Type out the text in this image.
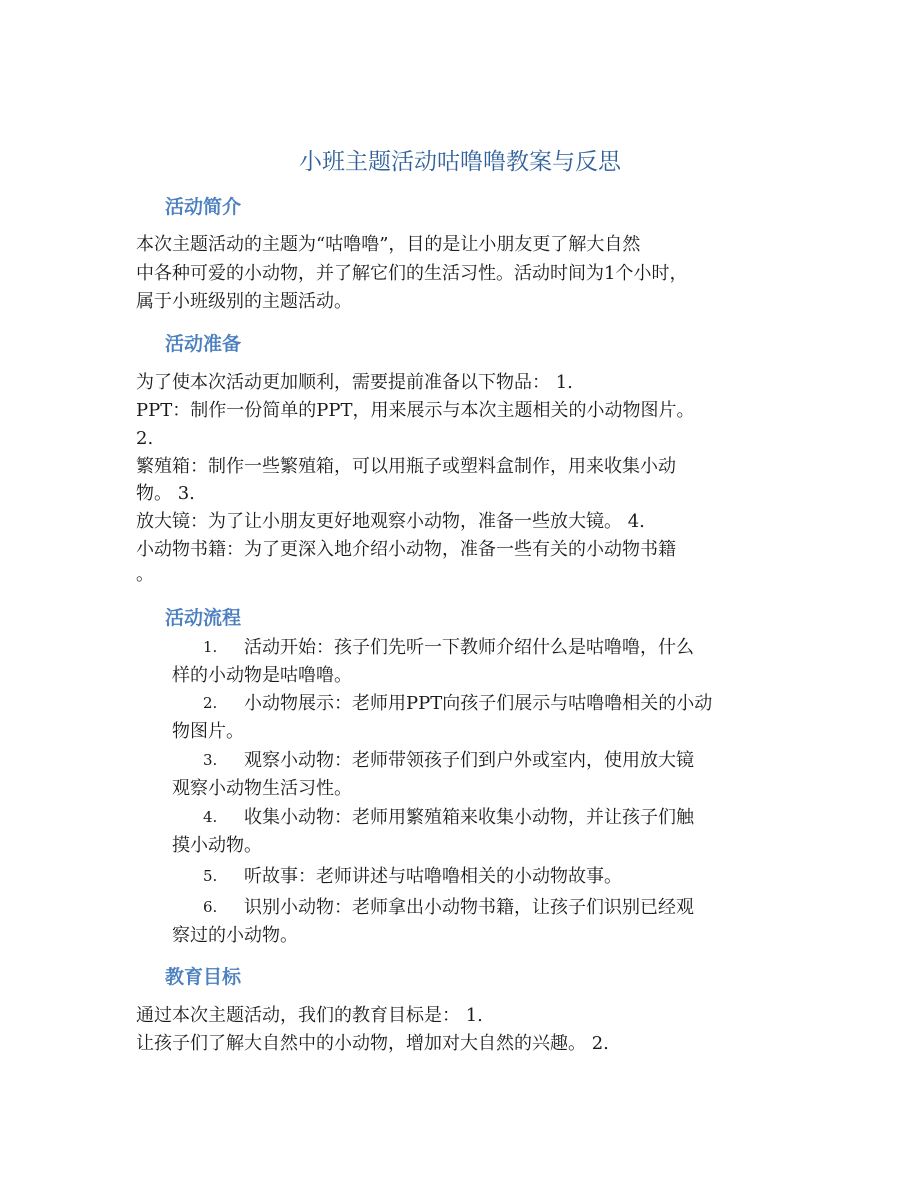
小班主题活动咕噜噜教案与反思
活动简介
本次主题活动的主题为“咕噜噜”，目的是让小朋友更了解大自然
中各种可爱的小动物，并了解它们的生活习性。活动时间为1个小时，
属于小班级别的主题活动。
活动准备
为了使本次活动更加顺利，需要提前准备以下物品： 1.
PPT：制作一份简单的PPT，用来展示与本次主题相关的小动物图片。
2.
繁殖箱：制作一些繁殖箱，可以用瓶子或塑料盒制作，用来收集小动
物。 3.
放大镜：为了让小朋友更好地观察小动物，准备一些放大镜。 4.
小动物书籍：为了更深入地介绍小动物，准备一些有关的小动物书籍
。
活动流程
1. 活动开始：孩子们先听一下教师介绍什么是咕噜噜，什么
样的小动物是咕噜噜。
2. 小动物展示：老师用PPT向孩子们展示与咕噜噜相关的小动
物图片。
3. 观察小动物：老师带领孩子们到户外或室内，使用放大镜
观察小动物生活习性。
4. 收集小动物：老师用繁殖箱来收集小动物，并让孩子们触
摸小动物。
5. 听故事：老师讲述与咕噜噜相关的小动物故事。
6. 识别小动物：老师拿出小动物书籍，让孩子们识别已经观
察过的小动物。
教育目标
通过本次主题活动，我们的教育目标是： 1.
让孩子们了解大自然中的小动物，增加对大自然的兴趣。 2.
